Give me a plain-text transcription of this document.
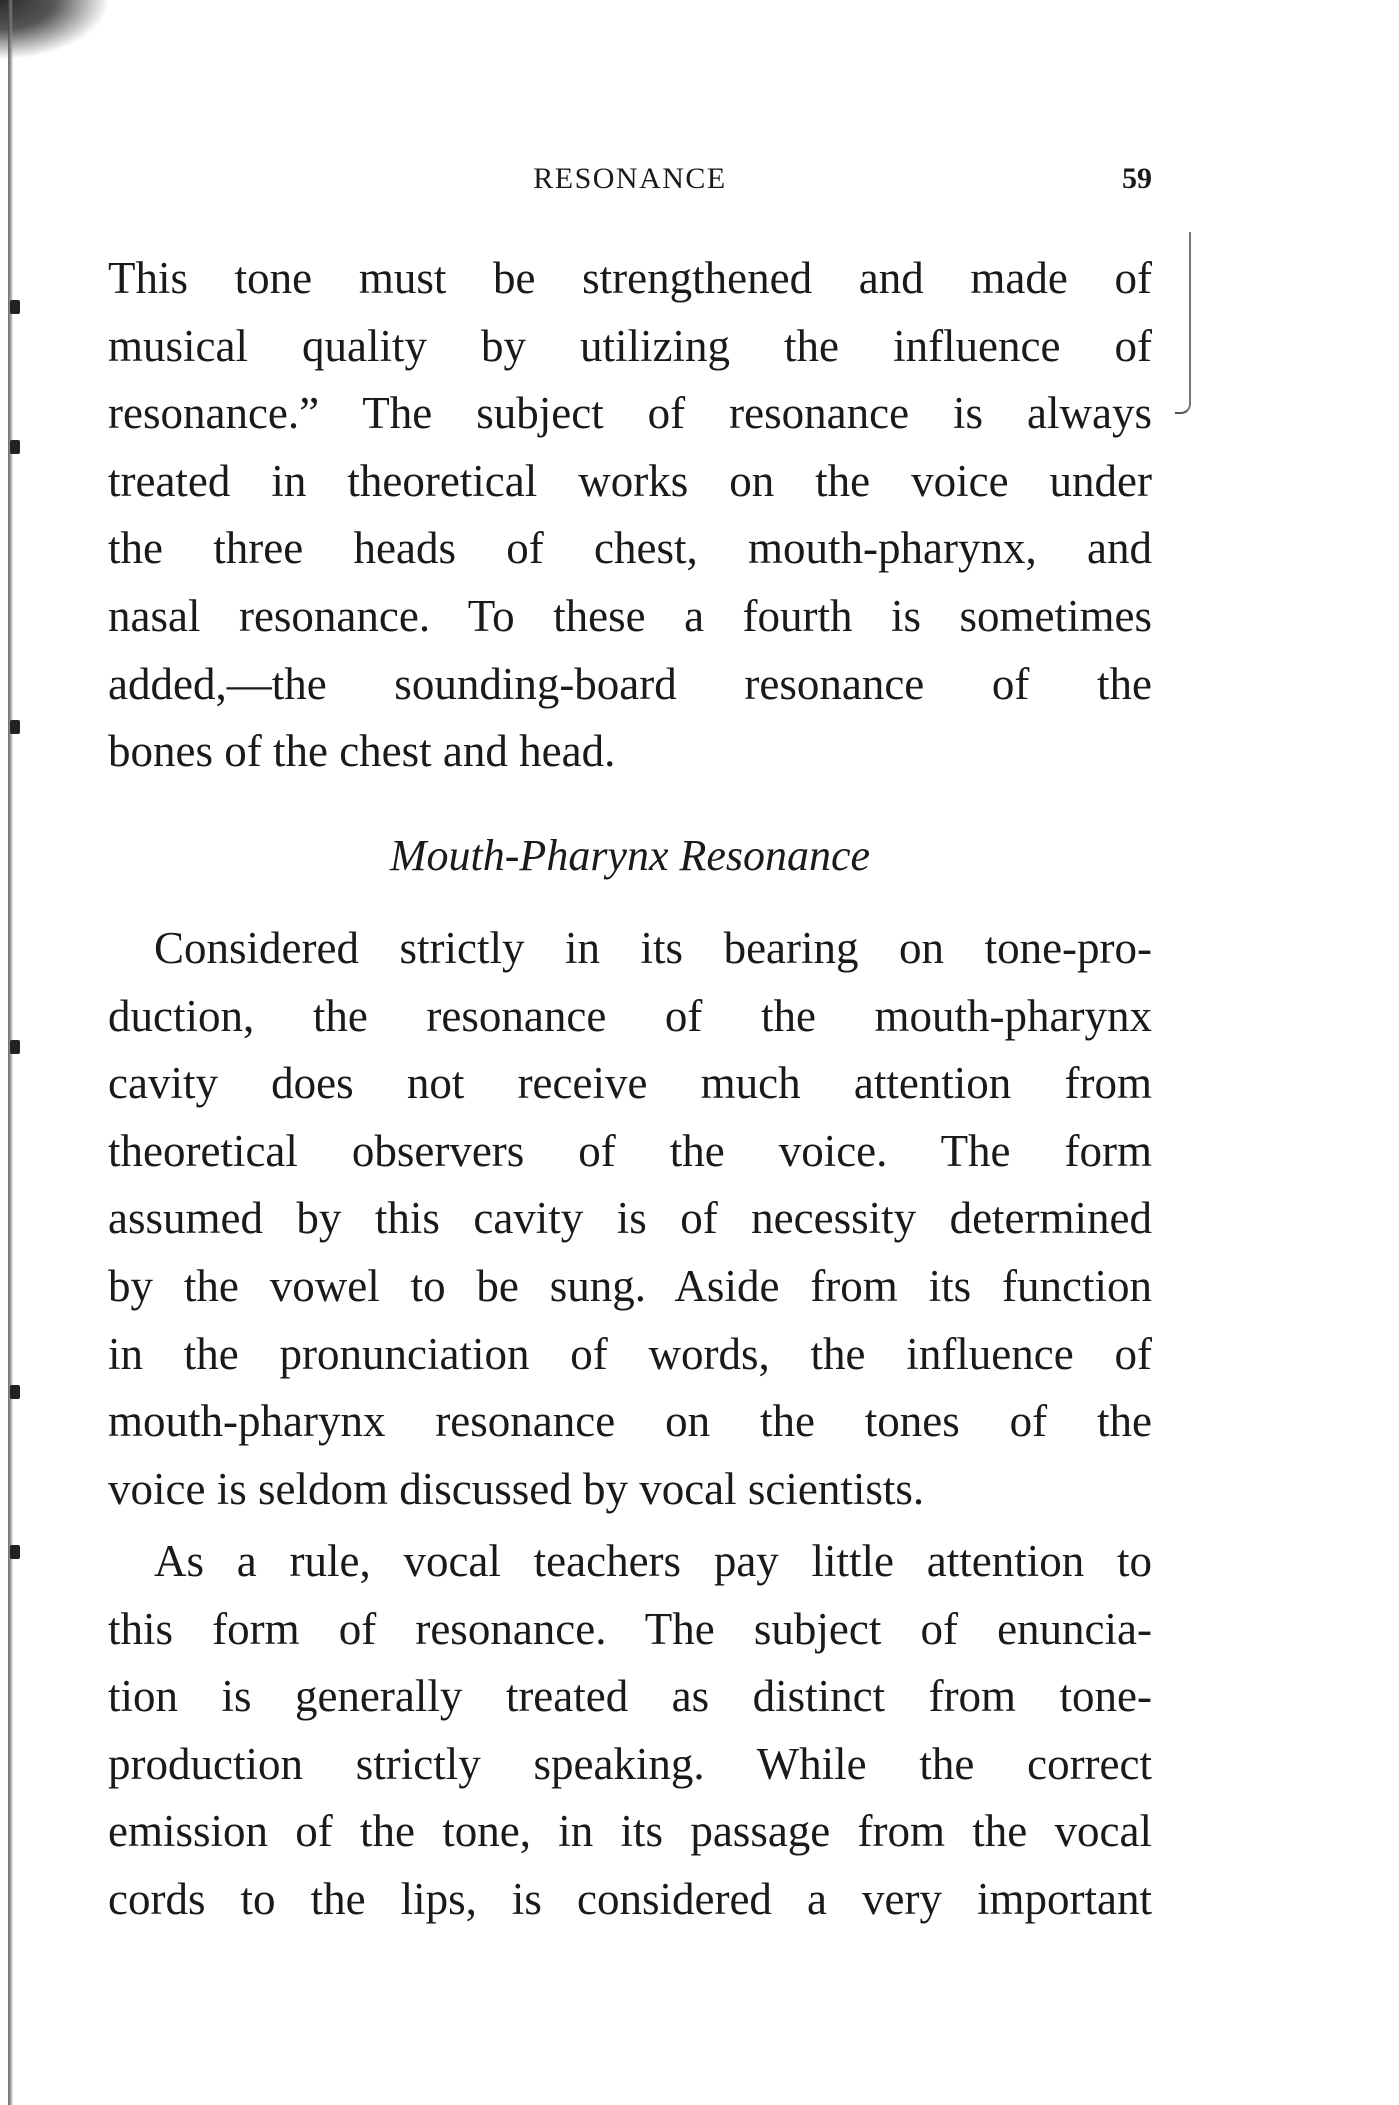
RESONANCE	59
This tone must be strengthened and made of
musical quality by utilizing the influence of
resonance.” The subject of resonance is always
treated in theoretical works on the voice under
the three heads of chest, mouth-pharynx, and
nasal resonance. To these a fourth is sometimes
added,—the sounding-board resonance of the
bones of the chest and head.
Mouth-Pharynx Resonance
Considered strictly in its bearing on tone-pro-
duction, the resonance of the mouth-pharynx
cavity does not receive much attention from
theoretical observers of the voice. The form
assumed by this cavity is of necessity determined
by the vowel to be sung. Aside from its function
in the pronunciation of words, the influence of
mouth-pharynx resonance on the tones of the
voice is seldom discussed by vocal scientists.
As a rule, vocal teachers pay little attention to
this form of resonance. The subject of enuncia-
tion is generally treated as distinct from tone-
production strictly speaking. While the correct
emission of the tone, in its passage from the vocal
cords to the lips, is considered a very important
